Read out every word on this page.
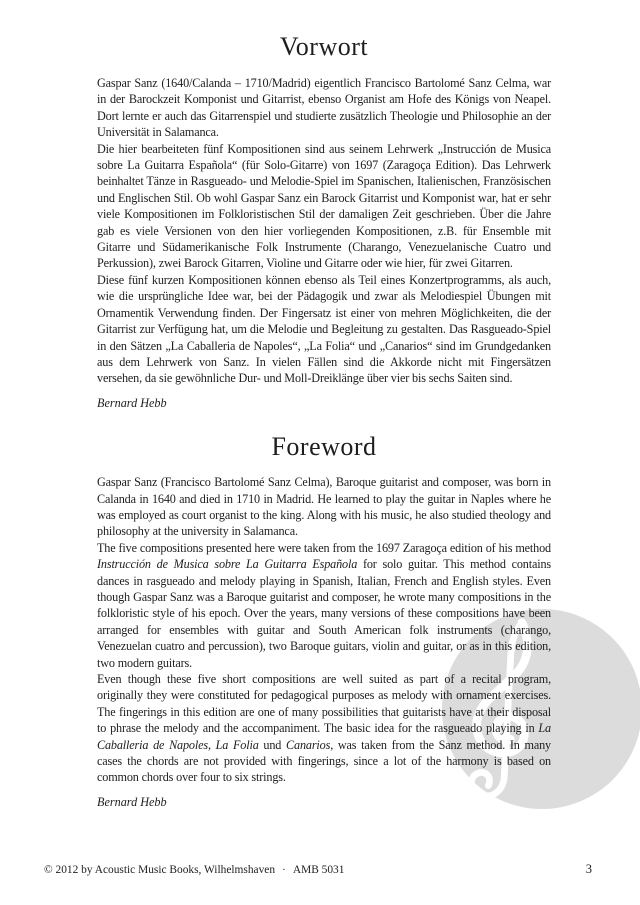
Vorwort

Gaspar Sanz (1640/Calanda – 1710/Madrid) eigentlich Francisco Bartolomé Sanz Celma, war in der Barockzeit Komponist und Gitarrist, ebenso Organist am Hofe des Königs von Neapel. Dort lernte er auch das Gitarrenspiel und studierte zusätzlich Theologie und Philosophie an der Universität in Salamanca.

Die hier bearbeiteten fünf Kompositionen sind aus seinem Lehrwerk „Instrucción de Musica sobre La Guitarra Española“ (für Solo-Gitarre) von 1697 (Zaragoça Edition). Das Lehrwerk beinhaltet Tänze in Rasgueado- und Melodie-Spiel im Spanischen, Italienischen, Französischen und Englischen Stil. Ob wohl Gaspar Sanz ein Barock Gitarrist und Komponist war, hat er sehr viele Kompositionen im Folkloristischen Stil der damaligen Zeit geschrieben. Über die Jahre gab es viele Versionen von den hier vorliegenden Kompositionen, z.B. für Ensemble mit Gitarre und Südamerikanische Folk Instrumente (Charango, Venezuelanische Cuatro und Perkussion), zwei Barock Gitarren, Violine und Gitarre oder wie hier, für zwei Gitarren.

Diese fünf kurzen Kompositionen können ebenso als Teil eines Konzertprogramms, als auch, wie die ursprüngliche Idee war, bei der Pädagogik und zwar als Melodiespiel Übungen mit Ornamentik Verwendung finden. Der Fingersatz ist einer von mehren Möglichkeiten, die der Gitarrist zur Verfügung hat, um die Melodie und Begleitung zu gestalten. Das Rasgueado-Spiel in den Sätzen „La Caballeria de Napoles“, „La Folia“ und „Canarios“ sind im Grundgedanken aus dem Lehrwerk von Sanz. In vielen Fällen sind die Akkorde nicht mit Fingersätzen versehen, da sie gewöhnliche Dur- und Moll-Dreiklänge über vier bis sechs Saiten sind.

Bernard Hebb

Foreword

Gaspar Sanz (Francisco Bartolomé Sanz Celma), Baroque guitarist and composer, was born in Calanda in 1640 and died in 1710 in Madrid. He learned to play the guitar in Naples where he was employed as court organist to the king. Along with his music, he also studied theology and philosophy at the university in Salamanca.

The five compositions presented here were taken from the 1697 Zaragoça edition of his method Instrucción de Musica sobre La Guitarra Española for solo guitar. This method contains dances in rasgueado and melody playing in Spanish, Italian, French and English styles. Even though Gaspar Sanz was a Baroque guitarist and composer, he wrote many compositions in the folkloristic style of his epoch. Over the years, many versions of these compositions have been arranged for ensembles with guitar and South American folk instruments (charango, Venezuelan cuatro and percussion), two Baroque guitars, violin and guitar, or as in this edition, two modern guitars.

Even though these five short compositions are well suited as part of a recital program, originally they were constituted for pedagogical purposes as melody with ornament exercises. The fingerings in this edition are one of many possibilities that guitarists have at their disposal to phrase the melody and the accompaniment. The basic idea for the rasgueado playing in La Caballeria de Napoles, La Folia und Canarios, was taken from the Sanz method. In many cases the chords are not provided with fingerings, since a lot of the harmony is based on common chords over four to six strings.

Bernard Hebb

© 2012 by Acoustic Music Books, Wilhelmshaven · AMB 5031	3
